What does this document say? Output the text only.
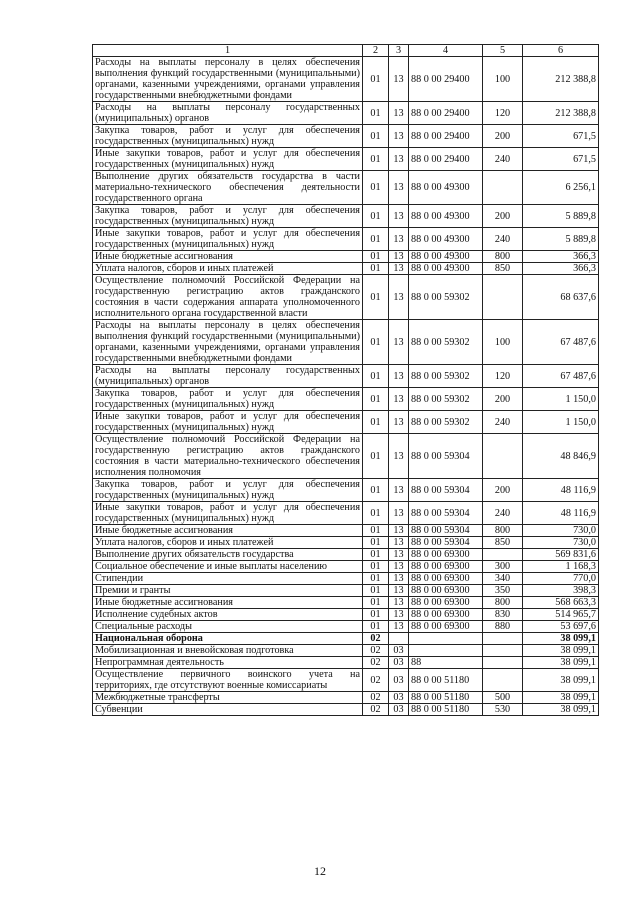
1	2	3	4	5	6
Расходы на выплаты персоналу в целях обеспечения выполнения функций государственными (муниципальными) органами, казенными учреждениями, органами управления государственными внебюджетными фондами	01	13	88 0 00 29400	100	212 388,8
Расходы на выплаты персоналу государственных (муниципальных) органов	01	13	88 0 00 29400	120	212 388,8
Закупка товаров, работ и услуг для обеспечения государственных (муниципальных) нужд	01	13	88 0 00 29400	200	671,5
Иные закупки товаров, работ и услуг для обеспечения государственных (муниципальных) нужд	01	13	88 0 00 29400	240	671,5
Выполнение других обязательств государства в части материально-технического обеспечения деятельности государственного органа	01	13	88 0 00 49300		6 256,1
Закупка товаров, работ и услуг для обеспечения государственных (муниципальных) нужд	01	13	88 0 00 49300	200	5 889,8
Иные закупки товаров, работ и услуг для обеспечения государственных (муниципальных) нужд	01	13	88 0 00 49300	240	5 889,8
Иные бюджетные ассигнования	01	13	88 0 00 49300	800	366,3
Уплата налогов, сборов и иных платежей	01	13	88 0 00 49300	850	366,3
Осуществление полномочий Российской Федерации на государственную регистрацию актов гражданского состояния в части содержания аппарата уполномоченного исполнительного органа государственной власти	01	13	88 0 00 59302		68 637,6
Расходы на выплаты персоналу в целях обеспечения выполнения функций государственными (муниципальными) органами, казенными учреждениями, органами управления государственными внебюджетными фондами	01	13	88 0 00 59302	100	67 487,6
Расходы на выплаты персоналу государственных (муниципальных) органов	01	13	88 0 00 59302	120	67 487,6
Закупка товаров, работ и услуг для обеспечения государственных (муниципальных) нужд	01	13	88 0 00 59302	200	1 150,0
Иные закупки товаров, работ и услуг для обеспечения государственных (муниципальных) нужд	01	13	88 0 00 59302	240	1 150,0
Осуществление полномочий Российской Федерации на государственную регистрацию актов гражданского состояния в части материально-технического обеспечения исполнения полномочия	01	13	88 0 00 59304		48 846,9
Закупка товаров, работ и услуг для обеспечения государственных (муниципальных) нужд	01	13	88 0 00 59304	200	48 116,9
Иные закупки товаров, работ и услуг для обеспечения государственных (муниципальных) нужд	01	13	88 0 00 59304	240	48 116,9
Иные бюджетные ассигнования	01	13	88 0 00 59304	800	730,0
Уплата налогов, сборов и иных платежей	01	13	88 0 00 59304	850	730,0
Выполнение других обязательств государства	01	13	88 0 00 69300		569 831,6
Социальное обеспечение и иные выплаты населению	01	13	88 0 00 69300	300	1 168,3
Стипендии	01	13	88 0 00 69300	340	770,0
Премии и гранты	01	13	88 0 00 69300	350	398,3
Иные бюджетные ассигнования	01	13	88 0 00 69300	800	568 663,3
Исполнение судебных актов	01	13	88 0 00 69300	830	514 965,7
Специальные расходы	01	13	88 0 00 69300	880	53 697,6
Национальная оборона	02				38 099,1
Мобилизационная и вневойсковая подготовка	02	03			38 099,1
Непрограммная деятельность	02	03	88		38 099,1
Осуществление первичного воинского учета на территориях, где отсутствуют военные комиссариаты	02	03	88 0 00 51180		38 099,1
Межбюджетные трансферты	02	03	88 0 00 51180	500	38 099,1
Субвенции	02	03	88 0 00 51180	530	38 099,1
12
